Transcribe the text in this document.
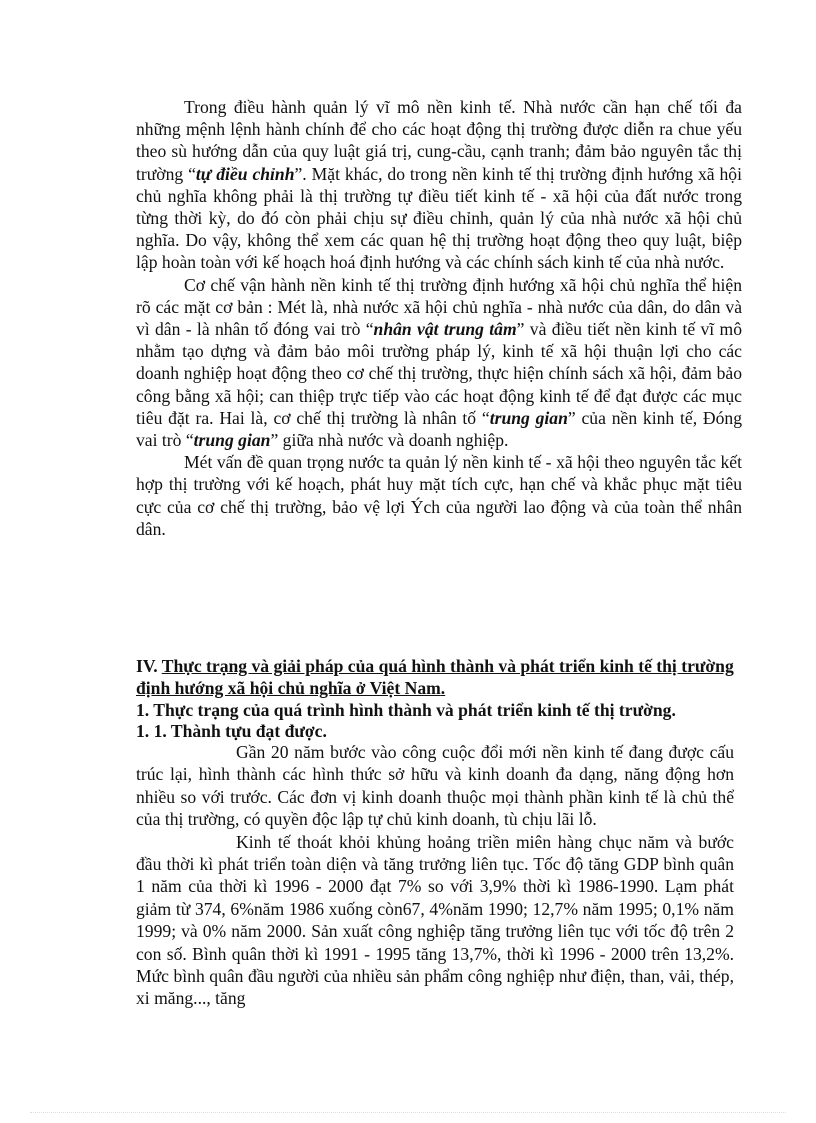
Trong điều hành quản lý vĩ mô nền kinh tế. Nhà nước cần hạn chế tối đa những mệnh lệnh hành chính để cho các hoạt động thị trường được diễn ra chue yếu theo sù hướng dẫn của quy luật giá trị, cung-cầu, cạnh tranh; đảm bảo nguyên tắc thị trường “tự điều chỉnh”. Mặt khác, do trong nền kinh tế thị trường định hướng xã hội chủ nghĩa không phải là thị trường tự điều tiết kinh tế - xã hội của đất nước trong từng thời kỳ, do đó còn phải chịu sự điều chỉnh, quản lý của nhà nước xã hội chủ nghĩa. Do vậy, không thể xem các quan hệ thị trường hoạt động theo quy luật, biệp lập hoàn toàn với kế hoạch hoá định hướng và các chính sách kinh tế của nhà nước.

Cơ chế vận hành nền kinh tế thị trường định hướng xã hội chủ nghĩa thể hiện rõ các mặt cơ bản : Mét là, nhà nước xã hội chủ nghĩa - nhà nước của dân, do dân và vì dân - là nhân tố đóng vai trò “nhân vật trung tâm” và điều tiết nền kinh tế vĩ mô nhằm tạo dựng và đảm bảo môi trường pháp lý, kinh tế xã hội thuận lợi cho các doanh nghiệp hoạt động theo cơ chế thị trường, thực hiện chính sách xã hội, đảm bảo công bằng xã hội; can thiệp trực tiếp vào các hoạt động kinh tế để đạt được các mục tiêu đặt ra. Hai là, cơ chế thị trường là nhân tố “trung gian” của nền kinh tế, Đóng vai trò “trung gian” giữa nhà nước và doanh nghiệp.

Mét vấn đề quan trọng nước ta quản lý nền kinh tế - xã hội theo nguyên tắc kết hợp thị trường với kế hoạch, phát huy mặt tích cực, hạn chế và khắc phục mặt tiêu cực của cơ chế thị trường, bảo vệ lợi Ých của người lao động và của toàn thể nhân dân.

IV. Thực trạng và giải pháp của quá hình thành và phát triển kinh tế thị trường định hướng xã hội chủ nghĩa ở Việt Nam.
1. Thực trạng của quá trình hình thành và phát triển kinh tế thị trường.
1. 1. Thành tựu đạt được.

Gần 20 năm bước vào công cuộc đổi mới nền kinh tế đang được cấu trúc lại, hình thành các hình thức sở hữu và kinh doanh đa dạng, năng động hơn nhiều so với trước. Các đơn vị kinh doanh thuộc mọi thành phần kinh tế là chủ thể của thị trường, có quyền độc lập tự chủ kinh doanh, tù chịu lãi lỗ.

Kinh tế thoát khỏi khủng hoảng triền miên hàng chục năm và bước đầu thời kì phát triển toàn diện và tăng trưởng liên tục. Tốc độ tăng GDP bình quân 1 năm của thời kì 1996 - 2000 đạt 7% so với 3,9% thời kì 1986-1990. Lạm phát giảm từ 374, 6%năm 1986 xuống còn67, 4%năm 1990; 12,7% năm 1995; 0,1% năm 1999; và 0% năm 2000. Sản xuất công nghiệp tăng trưởng liên tục với tốc độ trên 2 con số. Bình quân thời kì 1991 - 1995 tăng 13,7%, thời kì 1996 - 2000 trên 13,2%. Mức bình quân đầu người của nhiều sản phẩm công nghiệp như điện, than, vải, thép, xi măng..., tăng
